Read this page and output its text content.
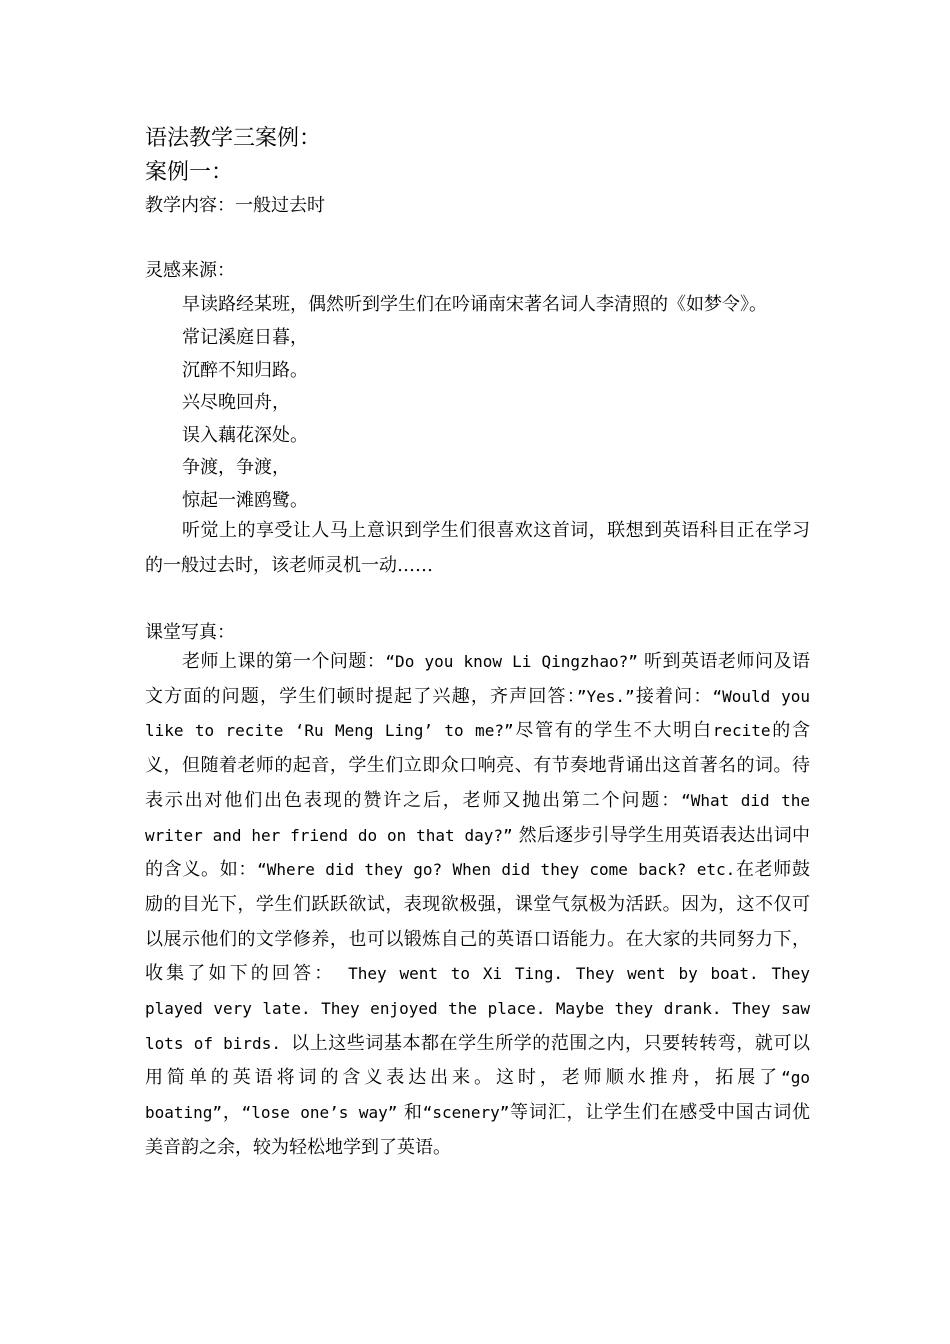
语法教学三案例：
案例一：
教学内容：一般过去时
灵感来源：
早读路经某班，偶然听到学生们在吟诵南宋著名词人李清照的《如梦令》。
常记溪庭日暮，
沉醉不知归路。
兴尽晚回舟，
误入藕花深处。
争渡，争渡，
惊起一滩鸥鹭。
听觉上的享受让人马上意识到学生们很喜欢这首词，联想到英语科目正在学习的一般过去时，该老师灵机一动……
课堂写真：
老师上课的第一个问题：“Do you know Li Qingzhao?” 听到英语老师问及语文方面的问题，学生们顿时提起了兴趣，齐声回答：”Yes.”接着问：“Would you like to recite ‘Ru Meng Ling’ to me?”尽管有的学生不大明白recite的含义，但随着老师的起音，学生们立即众口响亮、有节奏地背诵出这首著名的词。待表示出对他们出色表现的赞许之后，老师又抛出第二个问题：“What did the writer and her friend do on that day?” 然后逐步引导学生用英语表达出词中的含义。如：“Where did they go? When did they come back? etc.在老师鼓励的目光下，学生们跃跃欲试，表现欲极强，课堂气氛极为活跃。因为，这不仅可以展示他们的文学修养，也可以锻炼自己的英语口语能力。在大家的共同努力下，收集了如下的回答： They went to Xi Ting. They went by boat. They played very late. They enjoyed the place. Maybe they drank. They saw lots of birds. 以上这些词基本都在学生所学的范围之内，只要转转弯，就可以用简单的英语将词的含义表达出来。这时，老师顺水推舟，拓展了“go boating”，“lose one’s way” 和“scenery”等词汇，让学生们在感受中国古词优美音韵之余，较为轻松地学到了英语。
